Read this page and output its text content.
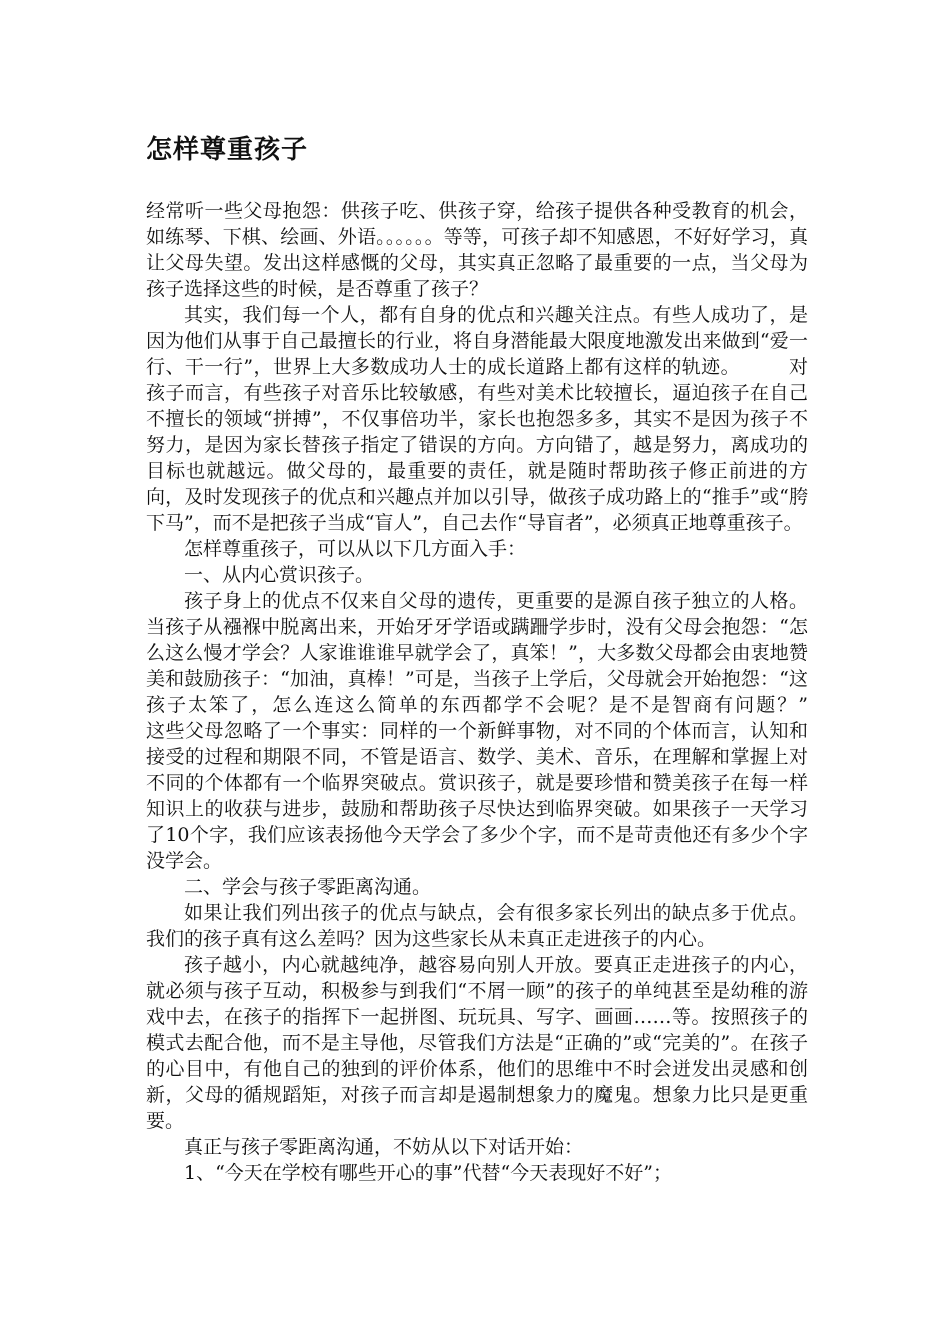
怎样尊重孩子

经常听一些父母抱怨：供孩子吃、供孩子穿，给孩子提供各种受教育的机会，如练琴、下棋、绘画、外语。。。。。。等等，可孩子却不知感恩，不好好学习，真让父母失望。发出这样感慨的父母，其实真正忽略了最重要的一点，当父母为孩子选择这些的时候，是否尊重了孩子？

其实，我们每一个人，都有自身的优点和兴趣关注点。有些人成功了，是因为他们从事于自己最擅长的行业，将自身潜能最大限度地激发出来做到“爱一行、干一行”，世界上大多数成功人士的成长道路上都有这样的轨迹。　　　对孩子而言，有些孩子对音乐比较敏感，有些对美术比较擅长，逼迫孩子在自己不擅长的领域“拼搏”，不仅事倍功半，家长也抱怨多多，其实不是因为孩子不努力，是因为家长替孩子指定了错误的方向。方向错了，越是努力，离成功的目标也就越远。做父母的，最重要的责任，就是随时帮助孩子修正前进的方向，及时发现孩子的优点和兴趣点并加以引导，做孩子成功路上的“推手”或“胯下马”，而不是把孩子当成“盲人”，自己去作“导盲者”，必须真正地尊重孩子。

怎样尊重孩子，可以从以下几方面入手：

一、从内心赏识孩子。

孩子身上的优点不仅来自父母的遗传，更重要的是源自孩子独立的人格。当孩子从襁褓中脱离出来，开始牙牙学语或蹒跚学步时，没有父母会抱怨：“怎么这么慢才学会？人家谁谁谁早就学会了，真笨！”，大多数父母都会由衷地赞美和鼓励孩子：“加油，真棒！”可是，当孩子上学后，父母就会开始抱怨：“这孩子太笨了，怎么连这么简单的东西都学不会呢？是不是智商有问题？”　　　这些父母忽略了一个事实：同样的一个新鲜事物，对不同的个体而言，认知和接受的过程和期限不同，不管是语言、数学、美术、音乐，在理解和掌握上对不同的个体都有一个临界突破点。赏识孩子，就是要珍惜和赞美孩子在每一样知识上的收获与进步，鼓励和帮助孩子尽快达到临界突破。如果孩子一天学习了10个字，我们应该表扬他今天学会了多少个字，而不是苛责他还有多少个字没学会。

二、学会与孩子零距离沟通。

如果让我们列出孩子的优点与缺点，会有很多家长列出的缺点多于优点。我们的孩子真有这么差吗？因为这些家长从未真正走进孩子的内心。

孩子越小，内心就越纯净，越容易向别人开放。要真正走进孩子的内心，就必须与孩子互动，积极参与到我们“不屑一顾”的孩子的单纯甚至是幼稚的游戏中去，在孩子的指挥下一起拼图、玩玩具、写字、画画……等。按照孩子的模式去配合他，而不是主导他，尽管我们方法是“正确的”或“完美的”。在孩子的心目中，有他自己的独到的评价体系，他们的思维中不时会迸发出灵感和创新，父母的循规蹈矩，对孩子而言却是遏制想象力的魔鬼。想象力比只是更重要。

真正与孩子零距离沟通，不妨从以下对话开始：

1、“今天在学校有哪些开心的事”代替“今天表现好不好”；
